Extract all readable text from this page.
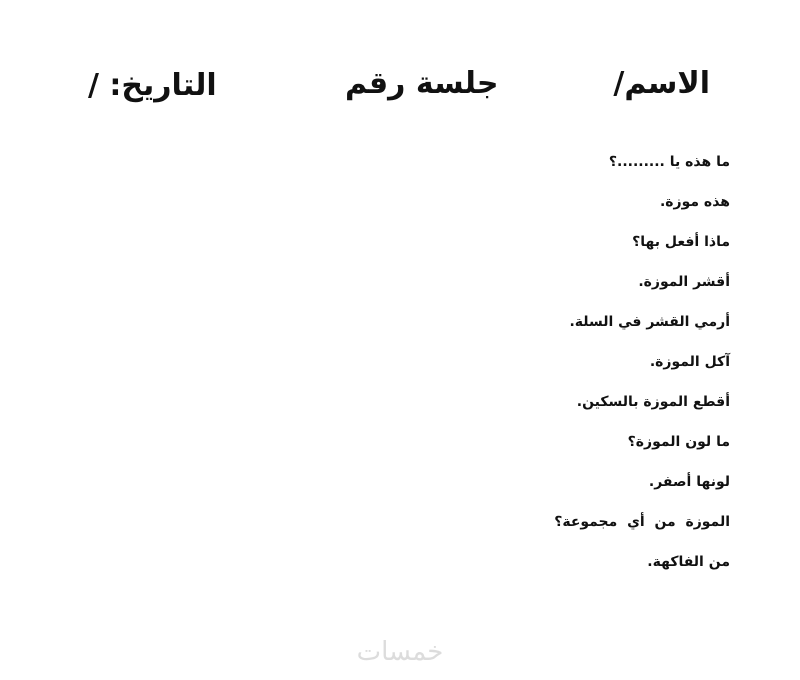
الاسم/
جلسة رقم
التاريخ: /
ما هذه يا .........؟
هذه موزة.
ماذا أفعل بها؟
أقشر الموزة.
أرمي القشر في السلة.
آكل الموزة.
أقطع الموزة بالسكين.
ما لون الموزة؟
لونها أصفر.
الموزة  من  أي  مجموعة؟
من الفاكهة.
خمسات
